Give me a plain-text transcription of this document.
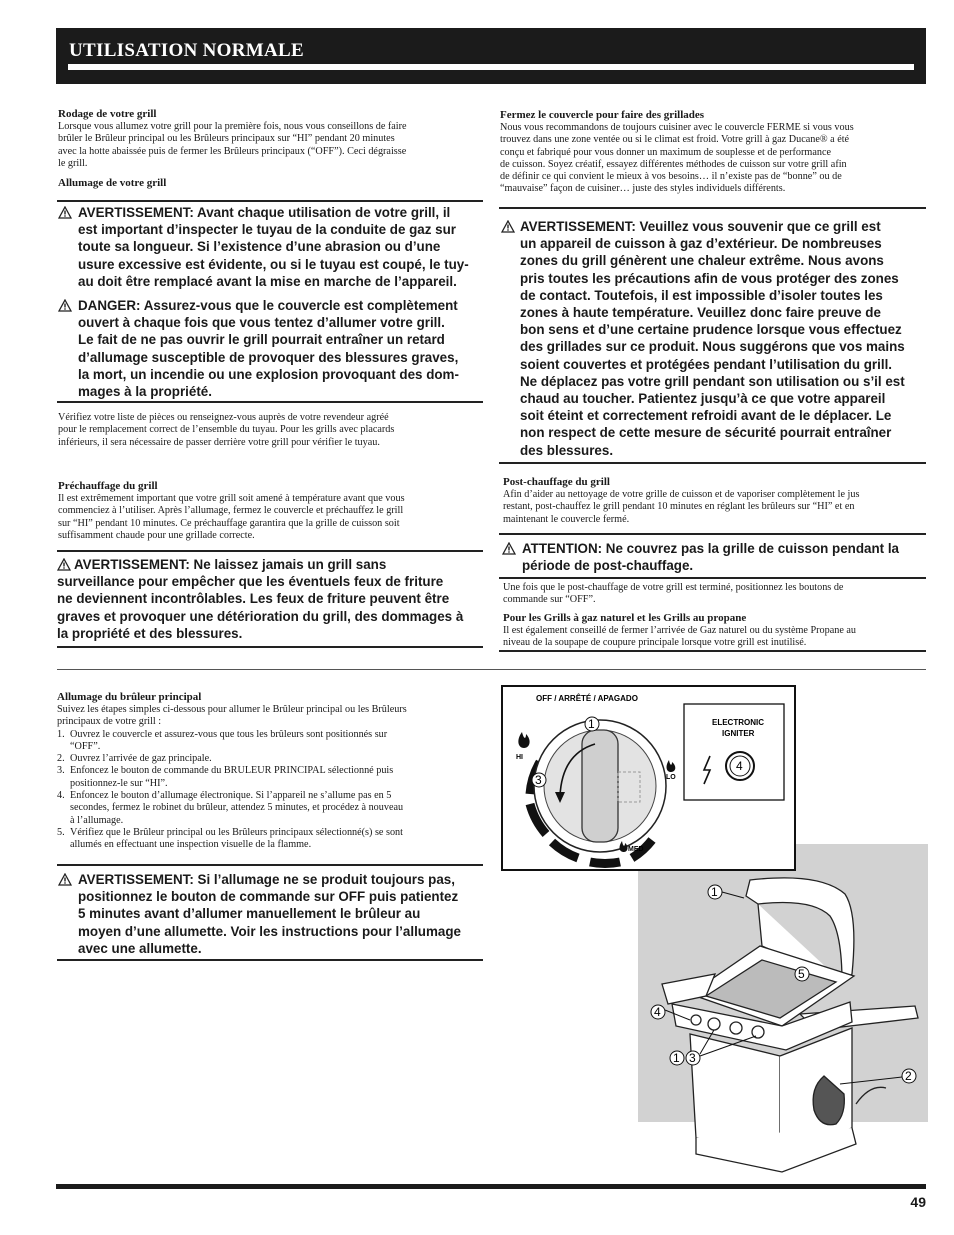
UTILISATION NORMALE

Rodage de votre grill

Lorsque vous allumez votre grill pour la première fois, nous vous conseillons de faire

brûler le Brûleur principal ou les Brûleurs principaux sur “HI” pendant 20 minutes

avec la hotte abaissée puis de fermer les Brûleurs principaux (“OFF”). Ceci dégraisse

le grill.

Allumage de votre grill

AVERTISSEMENT: Avant chaque utilisation de votre grill, il
est important d’inspecter le tuyau de la conduite de gaz sur
toute sa longueur. Si l’existence d’une abrasion ou d’une
usure excessive est évidente, ou si le tuyau est coupé, le tuy-
au doit être remplacé avant la mise en marche de l’appareil.
DANGER: Assurez-vous que le couvercle est complètement
ouvert à chaque fois que vous tentez d’allumer votre grill.
Le fait de ne pas ouvrir le grill pourrait entraîner un retard
d’allumage susceptible de provoquer des blessures graves,
la mort, un incendie ou une explosion provoquant des dom-
mages à la propriété.

Vérifiez votre liste de pièces ou renseignez-vous auprès de votre revendeur agréé

pour le remplacement correct de l’ensemble du tuyau. Pour les grills avec placards

inférieurs, il sera nécessaire de passer derrière votre grill pour vérifier le tuyau.

Préchauffage du grill

Il est extrêmement important que votre grill soit amené à température avant que vous

commenciez à l’utiliser. Après l’allumage, fermez le couvercle et préchauffez le grill

sur “HI” pendant 10 minutes. Ce préchauffage garantira que la grille de cuisson soit

suffisamment chaude pour une grillade correcte.

AVERTISSEMENT: Ne laissez jamais un grill sans
surveillance pour empêcher que les éventuels feux de friture
ne deviennent incontrôlables. Les feux de friture peuvent être
graves et provoquer une détérioration du grill, des dommages à
la propriété et des blessures.

Fermez le couvercle pour faire des grillades

Nous vous recommandons de toujours cuisiner avec le couvercle FERME si vous vous

trouvez dans une zone ventée ou si le climat est froid. Votre grill à gaz Ducane® a été

conçu et fabriqué pour vous donner un maximum de souplesse et de performance

de cuisson. Soyez créatif, essayez différentes méthodes de cuisson sur votre grill afin

de définir ce qui convient le mieux à vos besoins… il n’existe pas de “bonne” ou de

“mauvaise” façon de cuisiner… juste des styles individuels différents.

AVERTISSEMENT: Veuillez vous souvenir que ce grill est
un appareil de cuisson à gaz d’extérieur. De nombreuses
zones du grill génèrent une chaleur extrême. Nous avons
pris toutes les précautions afin de vous protéger des zones
de contact. Toutefois, il est impossible d’isoler toutes les
zones à haute température. Veuillez donc faire preuve de
bon sens et d’une certaine prudence lorsque vous effectuez
des grillades sur ce produit. Nous suggérons que vos mains
soient couvertes et protégées pendant l’utilisation du grill.
Ne déplacez pas votre grill pendant son utilisation ou s’il est
chaud au toucher. Patientez jusqu’à ce que votre appareil
soit éteint et correctement refroidi avant de le déplacer. Le
non respect de cette mesure de sécurité pourrait entraîner
des blessures.

Post-chauffage du grill

Afin d’aider au nettoyage de votre grille de cuisson et de vaporiser complètement le jus

restant, post-chauffez le grill pendant 10 minutes en réglant les brûleurs sur “HI” et en

maintenant le couvercle fermé.

ATTENTION: Ne couvrez pas la grille de cuisson pendant la
période de post-chauffage.

Une fois que le post-chauffage de votre grill est terminé, positionnez les boutons de

commande sur “OFF”.

Pour les Grills à gaz naturel et les Grills au propane

Il est également conseillé de fermer l’arrivée de Gaz naturel ou du système Propane au

niveau de la soupape de coupure principale lorsque votre grill est inutilisé.

Allumage du brûleur principal

Suivez les étapes simples ci-dessous pour allumer le Brûleur principal ou les Brûleurs

principaux de votre grill :

1. Ouvrez le couvercle et assurez-vous que tous les brûleurs sont positionnés sur
“OFF”.
2. Ouvrez l’arrivée de gaz principale.
3. Enfoncez le bouton de commande du BRULEUR PRINCIPAL sélectionné puis
positionnez-le sur “HI”.
4. Enfoncez le bouton d’allumage électronique. Si l’appareil ne s’allume pas en 5
secondes, fermez le robinet du brûleur, attendez 5 minutes, et procédez à nouveau
à l’allumage.
5. Vérifiez que le Brûleur principal ou les Brûleurs principaux sélectionné(s) se sont
allumés en effectuant une inspection visuelle de la flamme.
AVERTISSEMENT: Si l’allumage ne se produit toujours pas,
positionnez le bouton de commande sur OFF puis patientez
5 minutes avant d’allumer manuellement le brûleur au
moyen d’une allumette. Voir les instructions pour l’allumage
avec une allumette.
OFF / ARRÊTÉ / APAGADO
HI
LO
MED
1
3
ELECTRONIC
IGNITER
4
1
5
4
1 3
2
49
